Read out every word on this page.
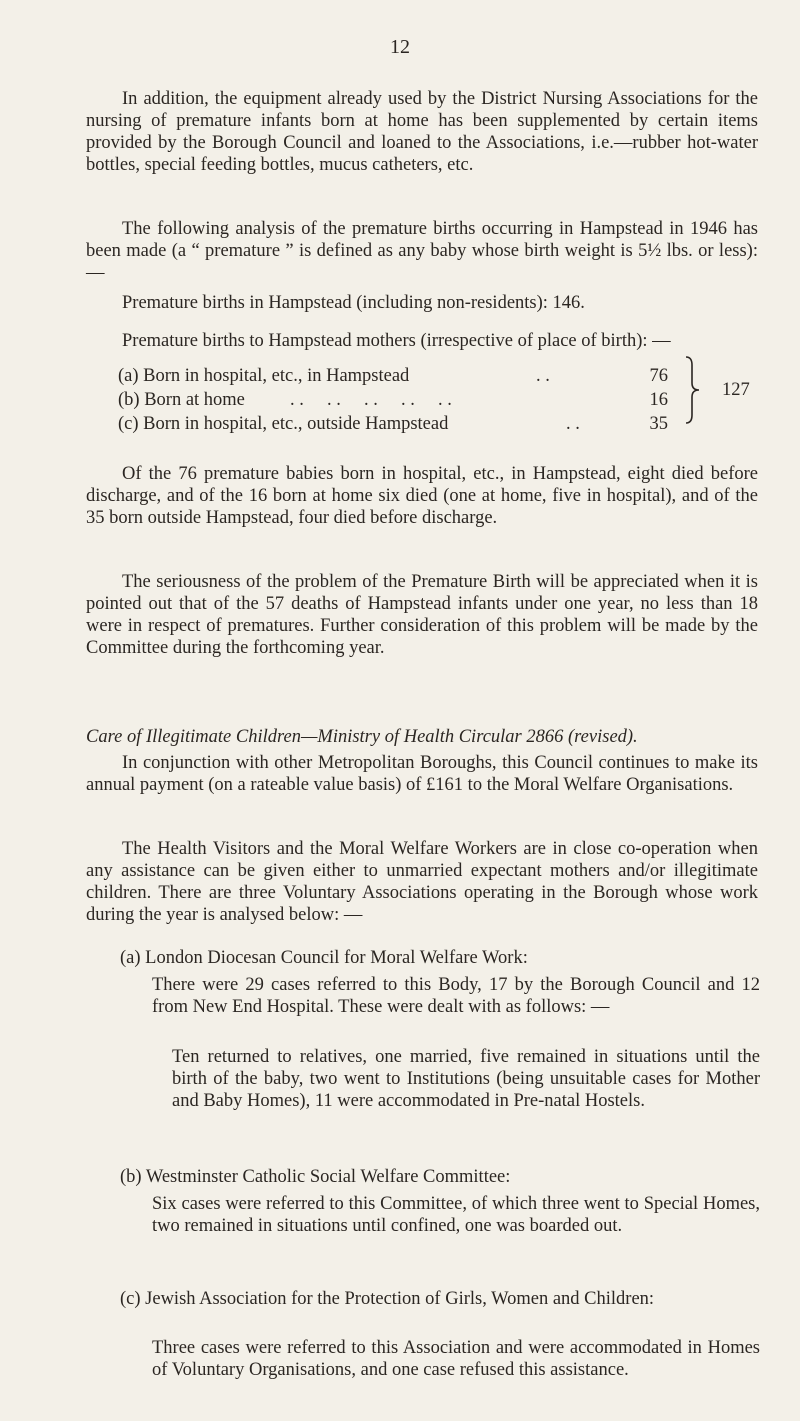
12
In addition, the equipment already used by the District Nursing Associations for the nursing of premature infants born at home has been supplemented by certain items provided by the Borough Council and loaned to the Associations, i.e.—rubber hot-water bottles, special feeding bottles, mucus catheters, etc.
The following analysis of the premature births occurring in Hampstead in 1946 has been made (a “ premature ” is defined as any baby whose birth weight is 5½ lbs. or less): —
Premature births in Hampstead (including non-residents): 146.
Premature births to Hampstead mothers (irrespective of place of birth): —
(a) Born in hospital, etc., in Hampstead	. .	76
(b) Born at home . .     . .     . .     . .     . .	16
(c) Born in hospital, etc., outside Hampstead	. .	35
127
Of the 76 premature babies born in hospital, etc., in Hampstead, eight died before discharge, and of the 16 born at home six died (one at home, five in hospital), and of the 35 born outside Hampstead, four died before discharge.
The seriousness of the problem of the Premature Birth will be appreciated when it is pointed out that of the 57 deaths of Hampstead infants under one year, no less than 18 were in respect of prematures. Further consideration of this problem will be made by the Committee during the forthcoming year.
Care of Illegitimate Children—Ministry of Health Circular 2866 (revised).
In conjunction with other Metropolitan Boroughs, this Council continues to make its annual payment (on a rateable value basis) of £161 to the Moral Welfare Organisations.
The Health Visitors and the Moral Welfare Workers are in close co-operation when any assistance can be given either to unmarried expectant mothers and/or illegitimate children. There are three Voluntary Associations operating in the Borough whose work during the year is analysed below: —
(a) London Diocesan Council for Moral Welfare Work:
There were 29 cases referred to this Body, 17 by the Borough Council and 12 from New End Hospital. These were dealt with as follows: —
Ten returned to relatives, one married, five remained in situations until the birth of the baby, two went to Institutions (being unsuitable cases for Mother and Baby Homes), 11 were accommodated in Pre-natal Hostels.
(b) Westminster Catholic Social Welfare Committee:
Six cases were referred to this Committee, of which three went to Special Homes, two remained in situations until confined, one was boarded out.
(c) Jewish Association for the Protection of Girls, Women and Children:
Three cases were referred to this Association and were accommodated in Homes of Voluntary Organisations, and one case refused this assistance.
